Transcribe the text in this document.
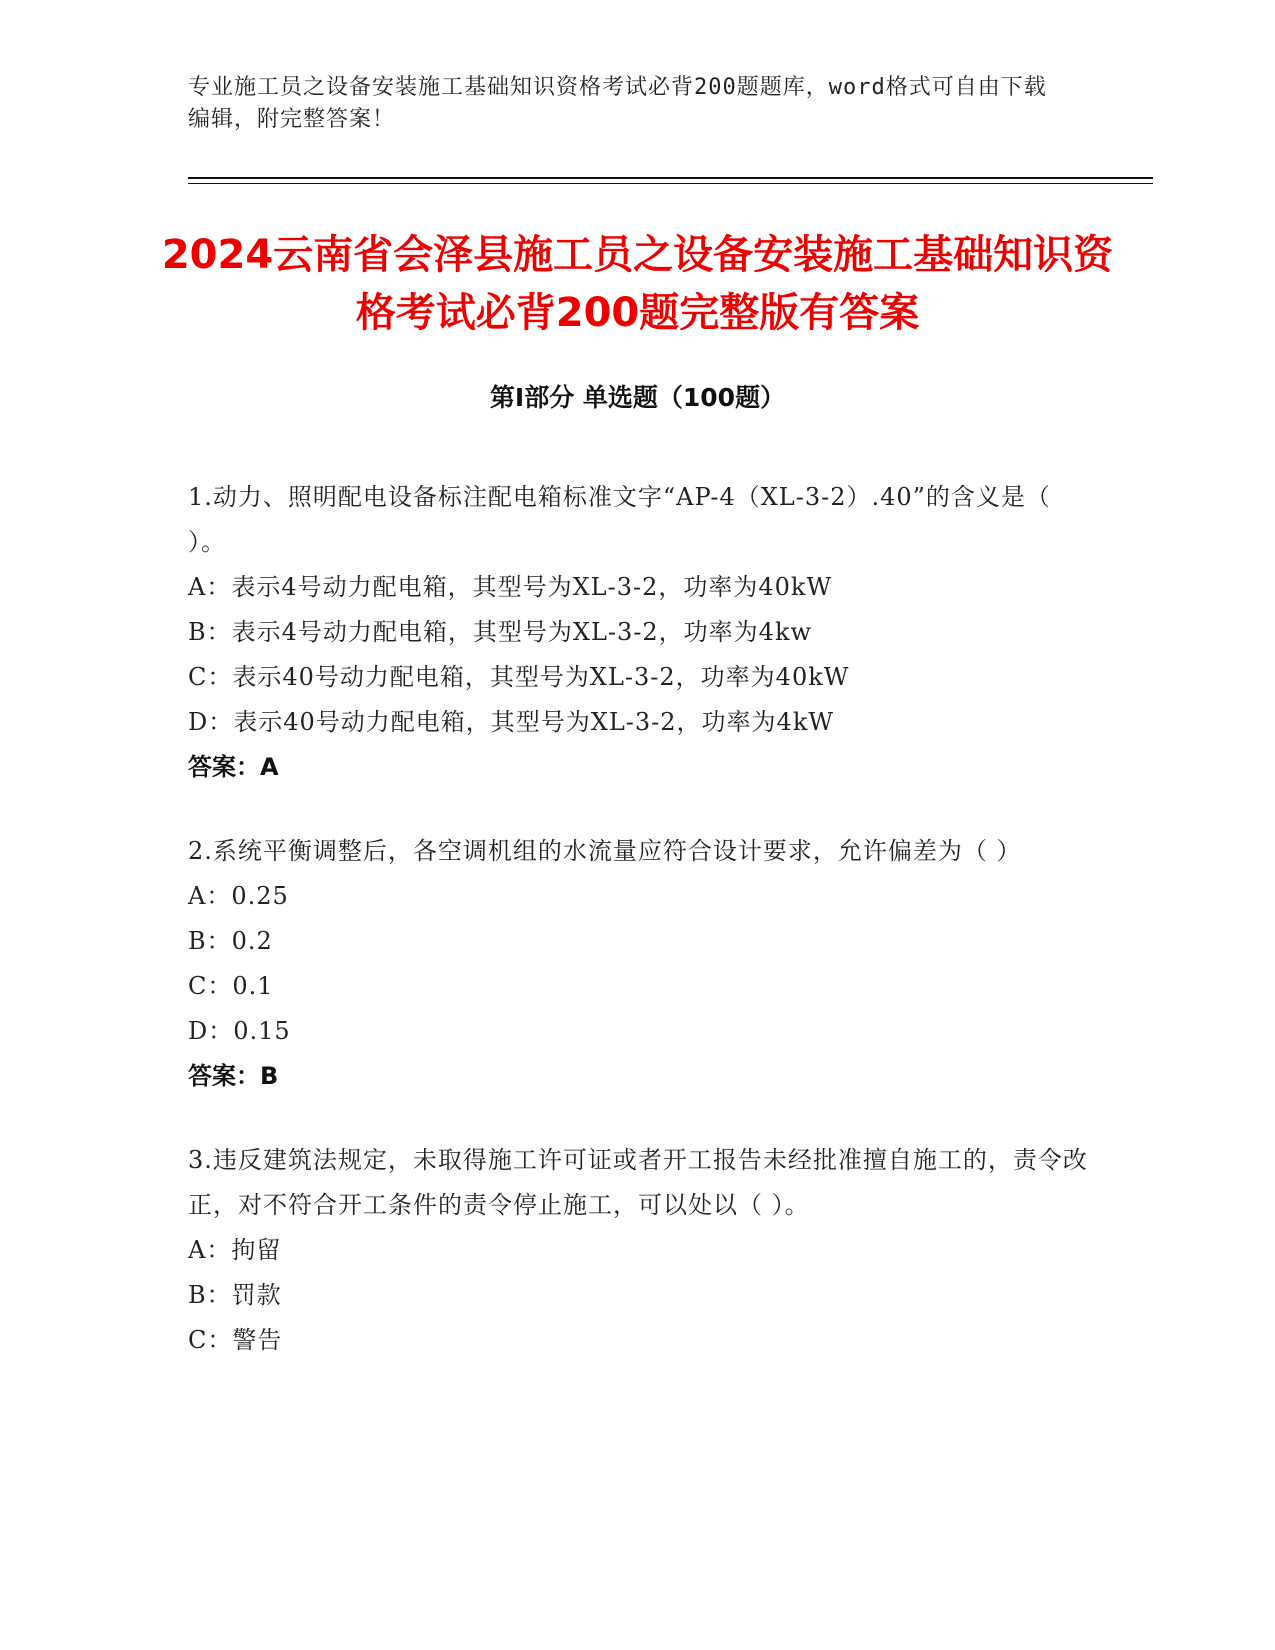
专业施工员之设备安装施工基础知识资格考试必背200题题库，word格式可自由下载编辑，附完整答案！
2024云南省会泽县施工员之设备安装施工基础知识资格考试必背200题完整版有答案
第Ⅰ部分 单选题（100题）
1.动力、照明配电设备标注配电箱标准文字“AP-4（XL-3-2）.40”的含义是（ ）。
A：表示4号动力配电箱，其型号为XL-3-2，功率为40kW
B：表示4号动力配电箱，其型号为XL-3-2，功率为4kw
C：表示40号动力配电箱，其型号为XL-3-2，功率为40kW
D：表示40号动力配电箱，其型号为XL-3-2，功率为4kW
答案：A
2.系统平衡调整后，各空调机组的水流量应符合设计要求，允许偏差为（ ）
A：0.25
B：0.2
C：0.1
D：0.15
答案：B
3.违反建筑法规定，未取得施工许可证或者开工报告未经批准擅自施工的，责令改正，对不符合开工条件的责令停止施工，可以处以（ ）。
A：拘留
B：罚款
C：警告
